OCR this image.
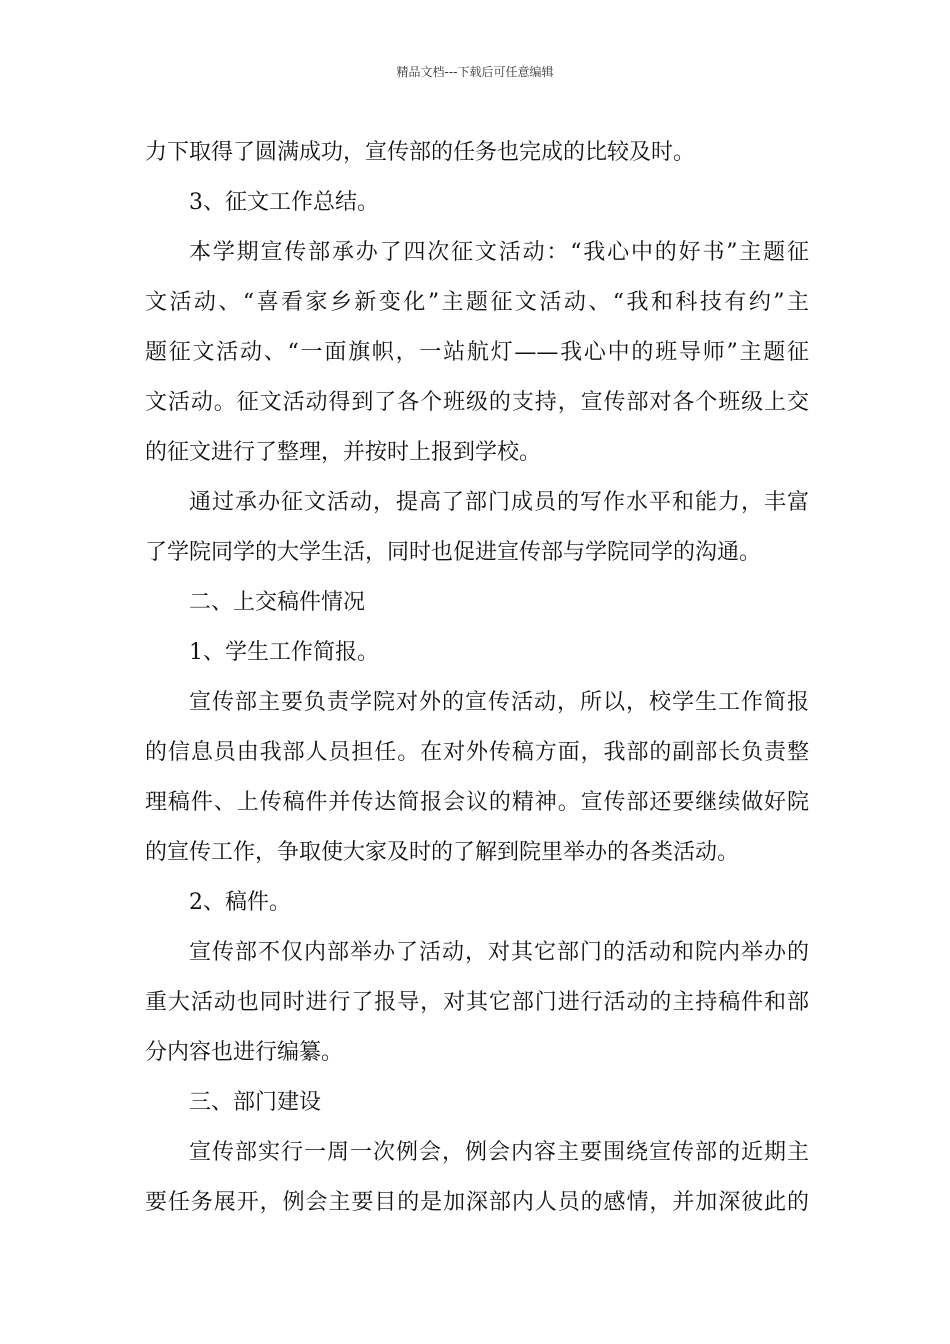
精品文档---下载后可任意编辑
力下取得了圆满成功，宣传部的任务也完成的比较及时。
3、征文工作总结。
本学期宣传部承办了四次征文活动：“我心中的好书”主题征
文活动、“喜看家乡新变化”主题征文活动、“我和科技有约”主
题征文活动、“一面旗帜，一站航灯——我心中的班导师”主题征
文活动。征文活动得到了各个班级的支持，宣传部对各个班级上交
的征文进行了整理，并按时上报到学校。
通过承办征文活动，提高了部门成员的写作水平和能力，丰富
了学院同学的大学生活，同时也促进宣传部与学院同学的沟通。
二、上交稿件情况
1、学生工作简报。
宣传部主要负责学院对外的宣传活动，所以，校学生工作简报
的信息员由我部人员担任。在对外传稿方面，我部的副部长负责整
理稿件、上传稿件并传达简报会议的精神。宣传部还要继续做好院
的宣传工作，争取使大家及时的了解到院里举办的各类活动。
2、稿件。
宣传部不仅内部举办了活动，对其它部门的活动和院内举办的
重大活动也同时进行了报导，对其它部门进行活动的主持稿件和部
分内容也进行编纂。
三、部门建设
宣传部实行一周一次例会，例会内容主要围绕宣传部的近期主
要任务展开，例会主要目的是加深部内人员的感情，并加深彼此的
